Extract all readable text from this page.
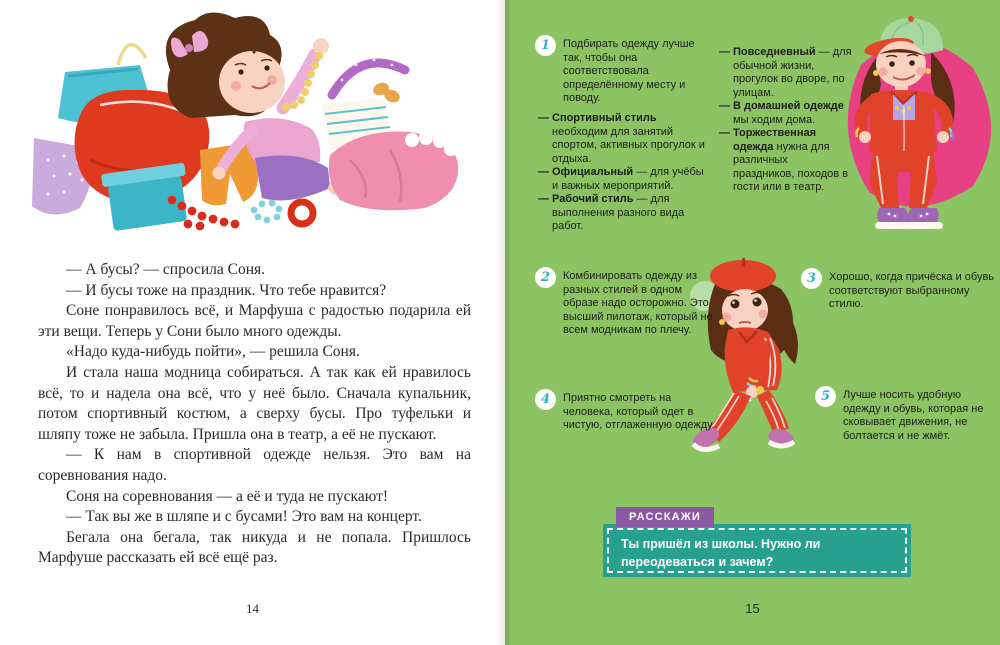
— А бусы? — спросила Соня.

— И бусы тоже на праздник. Что тебе нравится?

Соне понравилось всё, и Марфуша с радостью подарила ей эти вещи. Теперь у Сони было много одежды.

«Надо куда-нибудь пойти», — решила Соня.

И стала наша модница собираться. А так как ей нравилось всё, то и надела она всё, что у неё было. Сначала купальник, потом спортивный костюм, а сверху бусы. Про туфельки и шляпу тоже не забыла. Пришла она в театр, а её не пускают.

— К нам в спортивной одежде нельзя. Это вам на соревнования надо.

Соня на соревнования — а её и туда не пускают!

— Так вы же в шляпе и с бусами! Это вам на концерт.

Бегала она бегала, так никуда и не попала. Пришлось Марфуше рассказать ей всё ещё раз.

14
1	Подбирать одежду лучше так, чтобы она соответствовала определённому месту и поводу.
— Спортивный стиль необходим для занятий спортом, активных прогулок и отдыха.
— Официальный — для учёбы и важных мероприятий.
— Рабочий стиль — для выполнения разного вида работ.
— Повседневный — для обычной жизни, прогулок во дворе, по улицам.
— В домашней одежде мы ходим дома.
— Торжественная одежда нужна для различных праздников, походов в гости или в театр.
2	Комбинировать одежду из разных стилей в одном образе надо осторожно. Это высший пилотаж, который не всем модникам по плечу.
3	Хорошо, когда причёска и обувь соответствуют выбранному стилю.
4	Приятно смотреть на человека, который одет в чистую, отглаженную одежду.
5	Лучше носить удобную одежду и обувь, которая не сковывает движения, не болтается и не жмёт.
РАССКАЖИ
Ты пришёл из школы. Нужно ли переодеваться и зачем?
15
